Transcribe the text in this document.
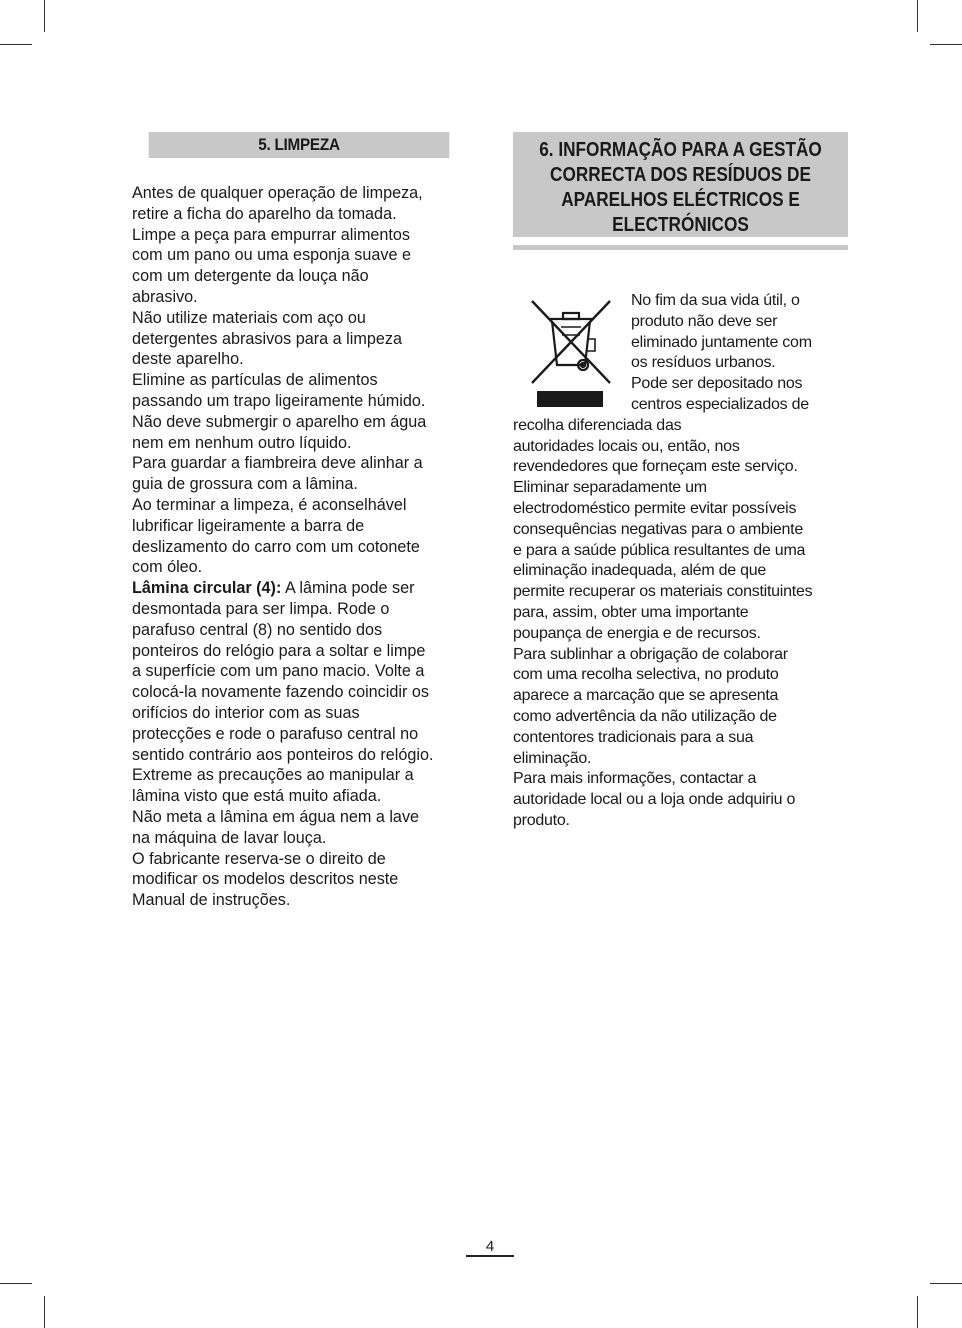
5. LIMPEZA
Antes de qualquer operação de limpeza,
retire a ficha do aparelho da tomada.
Limpe a peça para empurrar alimentos
com um pano ou uma esponja suave e
com um detergente da louça não
abrasivo.
Não utilize materiais com aço ou
detergentes abrasivos para a limpeza
deste aparelho.
Elimine as partículas de alimentos
passando um trapo ligeiramente húmido.
Não deve submergir o aparelho em água
nem em nenhum outro líquido.
Para guardar a fiambreira deve alinhar a
guia de grossura com a lâmina.
Ao terminar a limpeza, é aconselhável
lubrificar ligeiramente a barra de
deslizamento do carro com um cotonete
com óleo.
Lâmina circular (4): A lâmina pode ser
desmontada para ser limpa. Rode o
parafuso central (8) no sentido dos
ponteiros do relógio para a soltar e limpe
a superfície com um pano macio. Volte a
colocá-la novamente fazendo coincidir os
orifícios do interior com as suas
protecções e rode o parafuso central no
sentido contrário aos ponteiros do relógio.
Extreme as precauções ao manipular a
lâmina visto que está muito afiada.
Não meta a lâmina em água nem a lave
na máquina de lavar louça.
O fabricante reserva-se o direito de
modificar os modelos descritos neste
Manual de instruções.
6. INFORMAÇÃO PARA A GESTÃO
CORRECTA DOS RESÍDUOS DE
APARELHOS ELÉCTRICOS E
ELECTRÓNICOS

No fim da sua vida útil, o
produto não deve ser
eliminado juntamente com
os resíduos urbanos.
Pode ser depositado nos
centros especializados de
recolha diferenciada das
autoridades locais ou, então, nos
revendedores que forneçam este serviço.
Eliminar separadamente um
electrodoméstico permite evitar possíveis
consequências negativas para o ambiente
e para a saúde pública resultantes de uma
eliminação inadequada, além de que
permite recuperar os materiais constituintes
para, assim, obter uma importante
poupança de energia e de recursos.

Para sublinhar a obrigação de colaborar
com uma recolha selectiva, no produto
aparece a marcação que se apresenta
como advertência da não utilização de
contentores tradicionais para a sua
eliminação.

Para mais informações, contactar a
autoridade local ou a loja onde adquiriu o
produto.

4
